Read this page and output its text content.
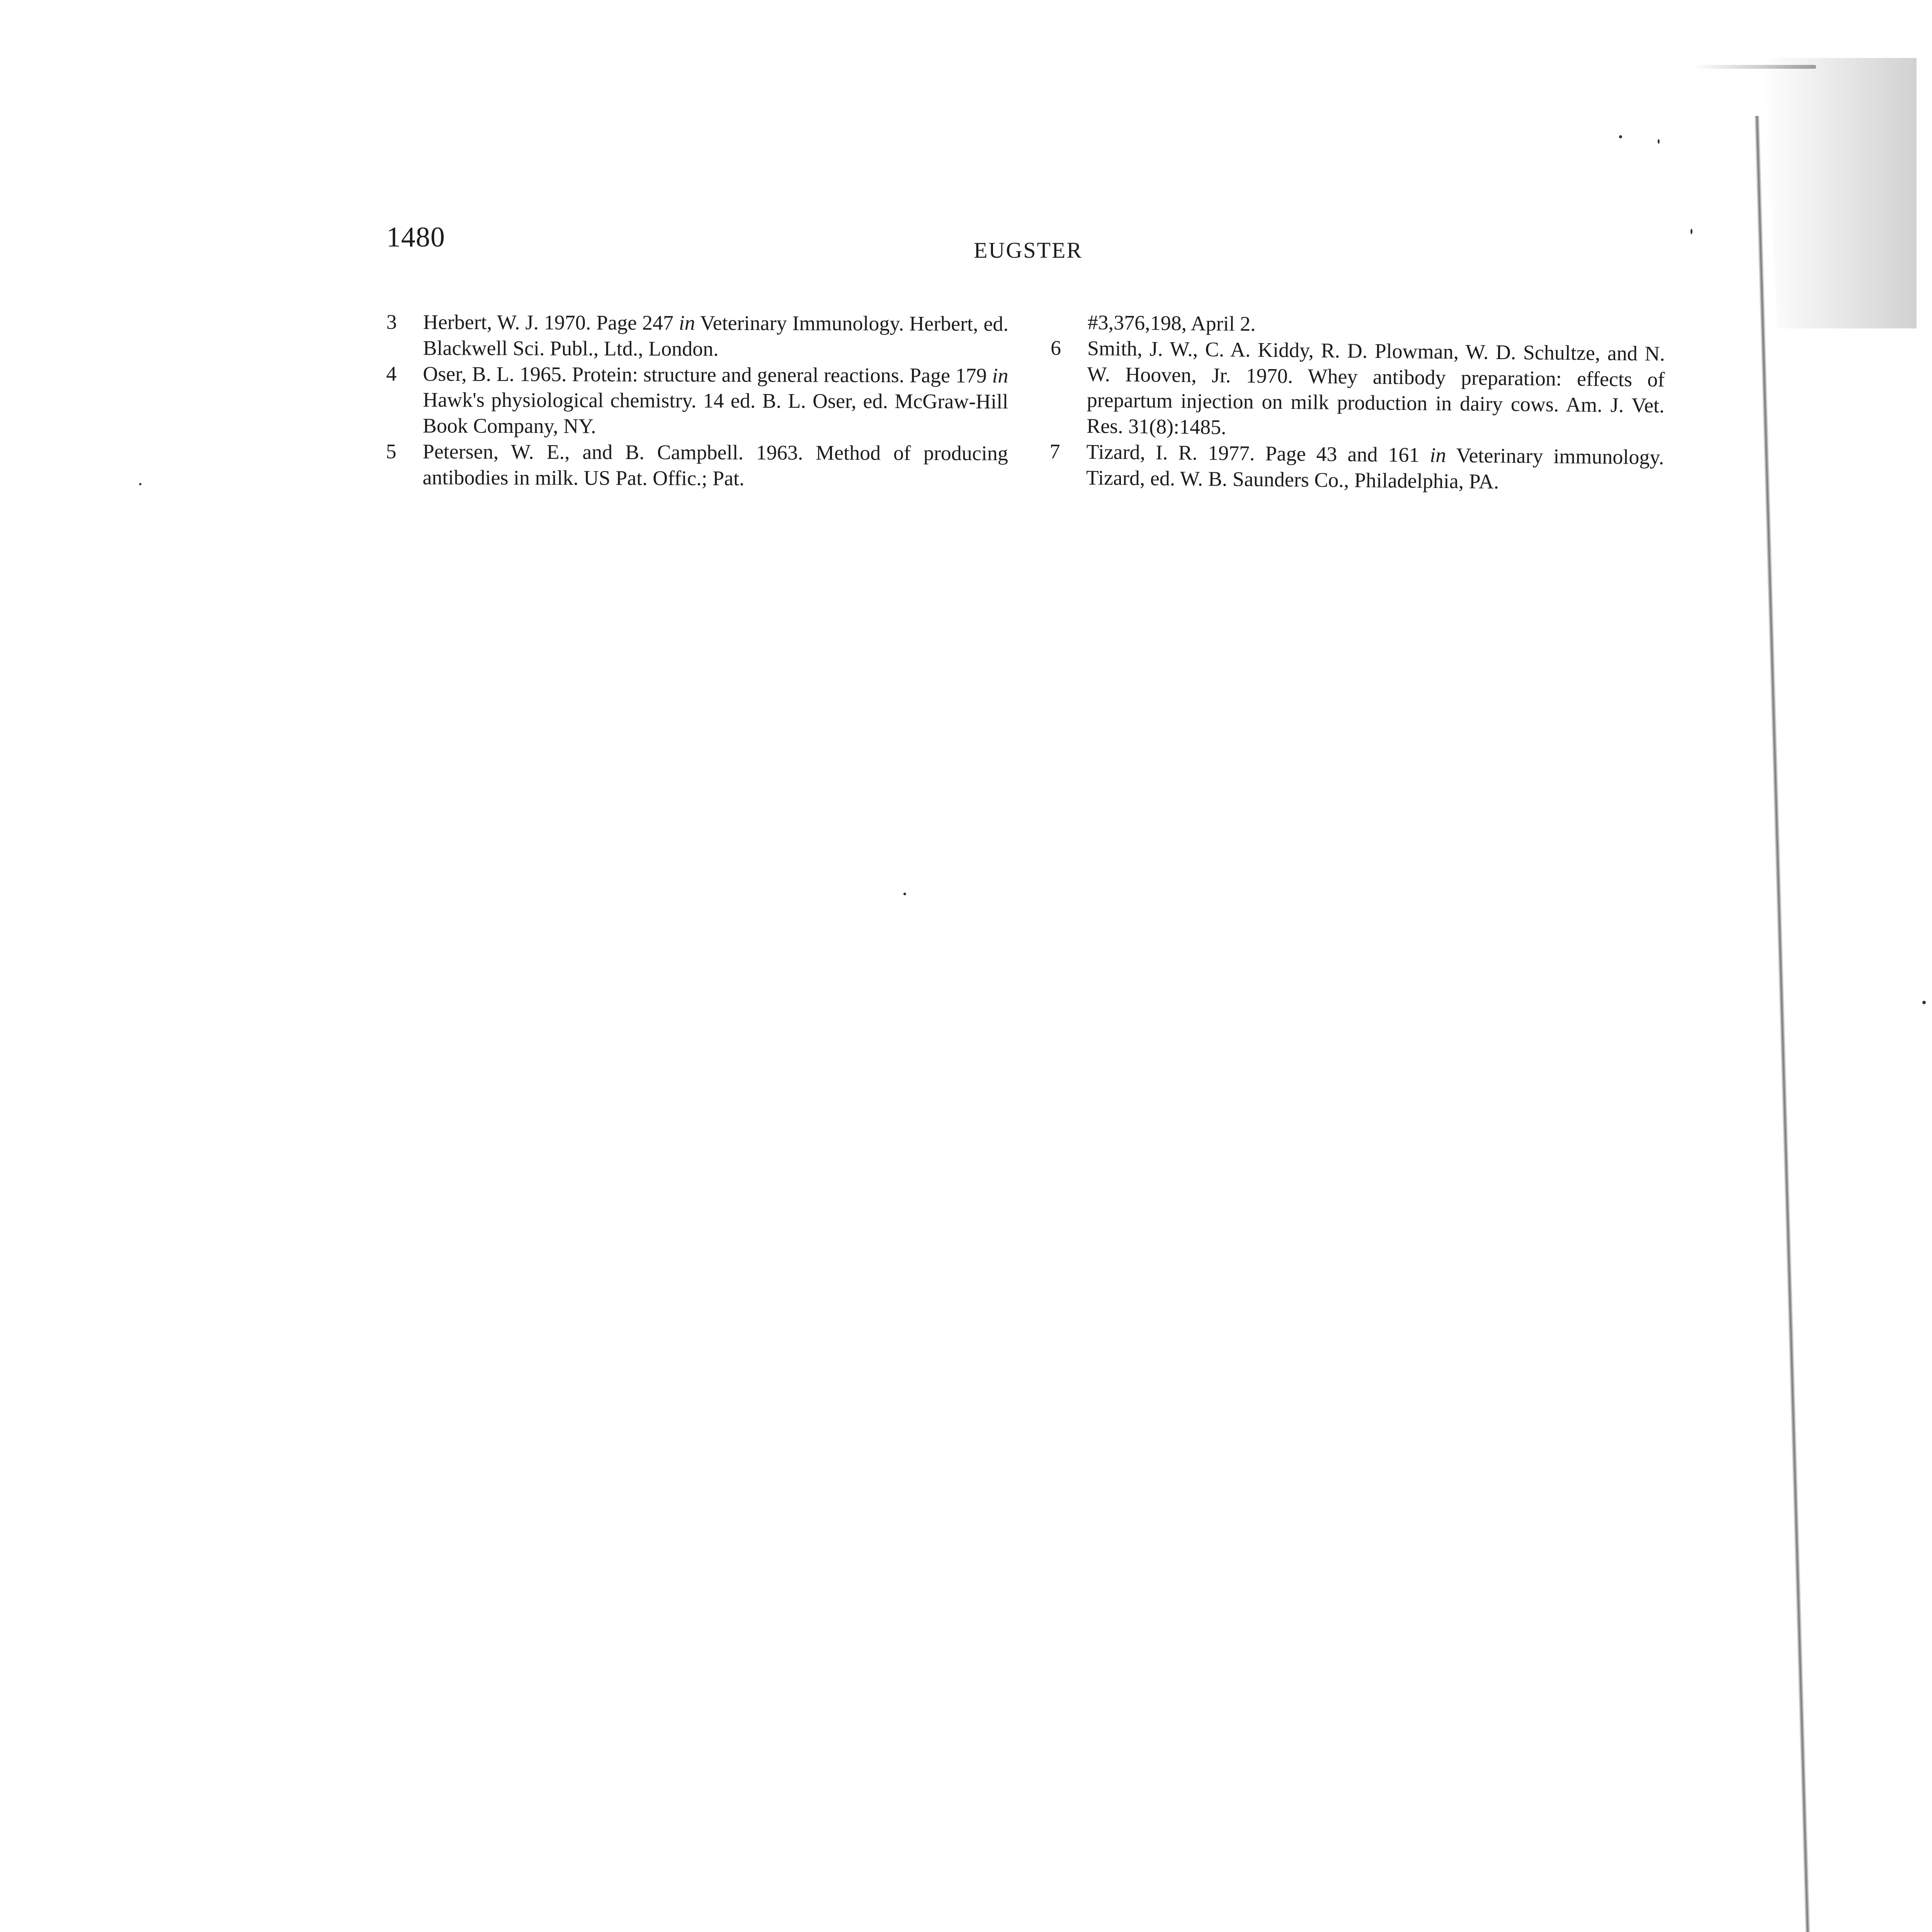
1480	EUGSTER

3 Herbert, W. J. 1970. Page 247 in Veterinary Immunology. Herbert, ed. Blackwell Sci. Publ., Ltd., London.

4 Oser, B. L. 1965. Protein: structure and general reactions. Page 179 in Hawk's physiological chemistry. 14 ed. B. L. Oser, ed. McGraw-Hill Book Company, NY.

5 Petersen, W. E., and B. Campbell. 1963. Method of producing antibodies in milk. US Pat. Offic.; Pat.

#3,376,198, April 2.

6 Smith, J. W., C. A. Kiddy, R. D. Plowman, W. D. Schultze, and N. W. Hooven, Jr. 1970. Whey antibody preparation: effects of prepartum injection on milk production in dairy cows. Am. J. Vet. Res. 31(8):1485.

7 Tizard, I. R. 1977. Page 43 and 161 in Veterinary immunology. Tizard, ed. W. B. Saunders Co., Philadelphia, PA.
